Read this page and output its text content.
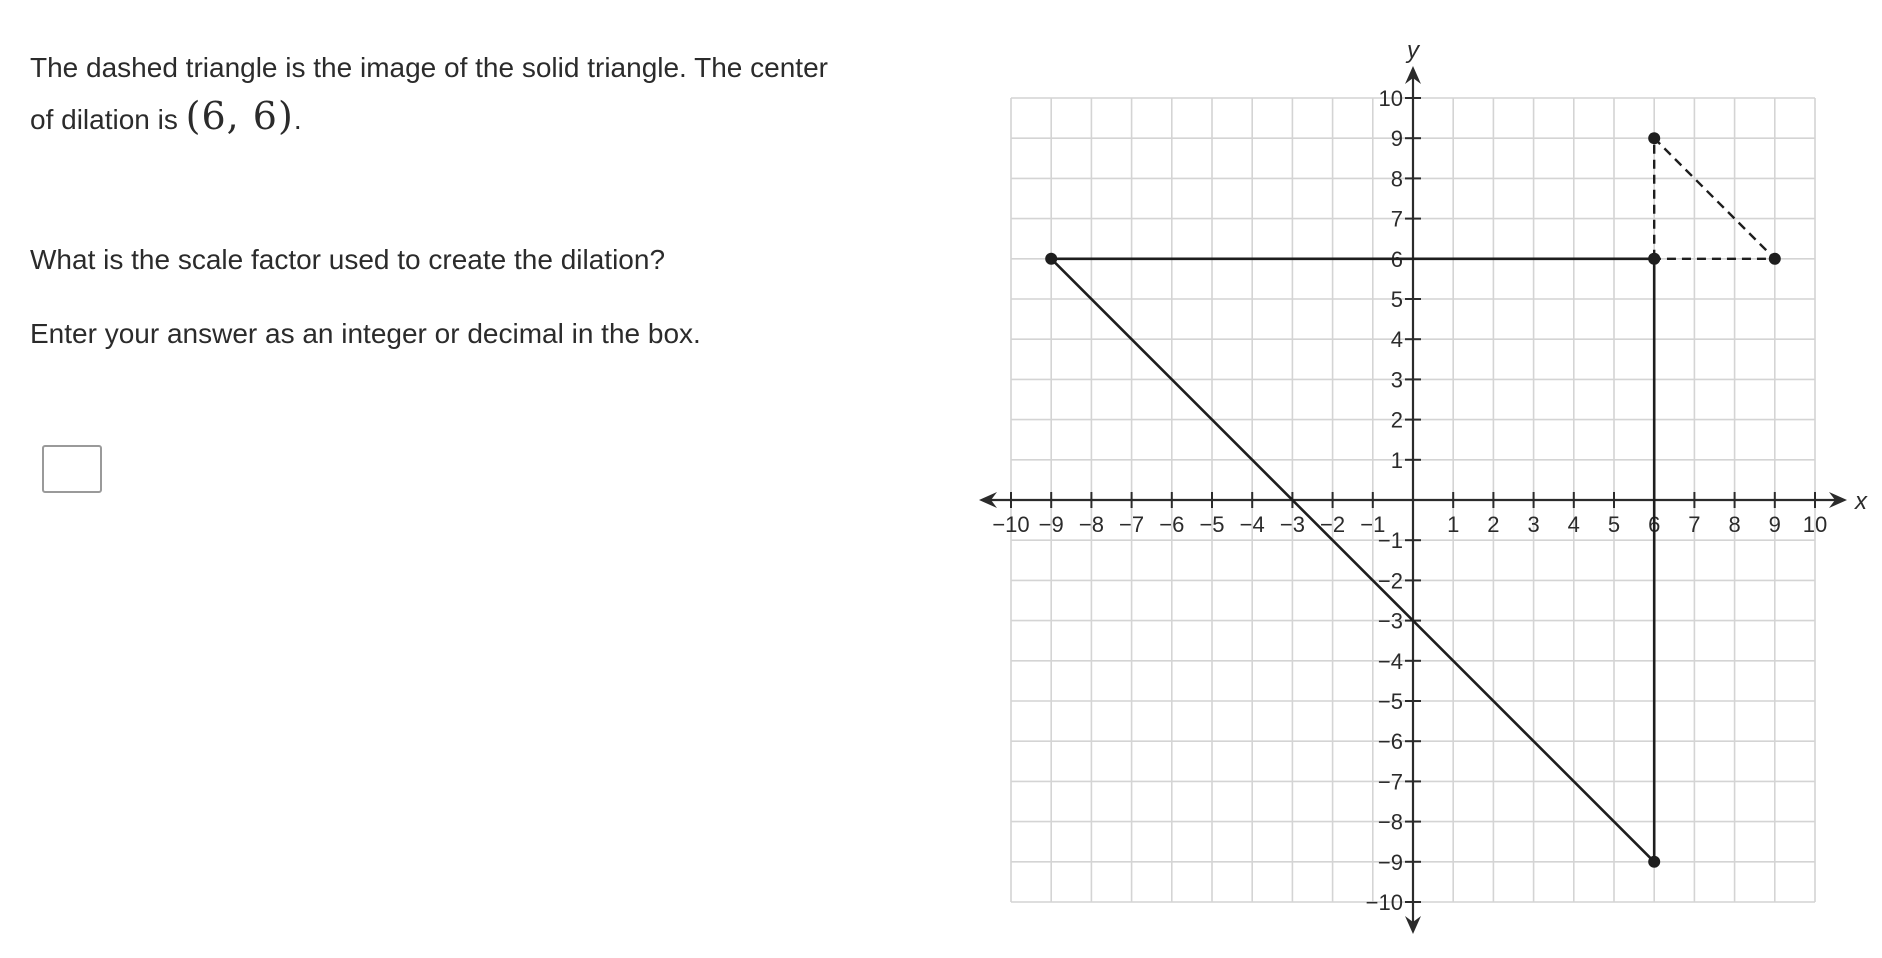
The dashed triangle is the image of the solid triangle. The center

of dilation is (6, 6).

What is the scale factor used to create the dilation?

Enter your answer as an integer or decimal in the box.

x
y
−10 −9 −8 −7 −6 −5 −4 −3 −2 −1	1 2 3 4 5 6 7 8 9 10
10
9
8
7
6
5
4
3
2
1
−1
−2
−3
−4
−5
−6
−7
−8
−9
−10
